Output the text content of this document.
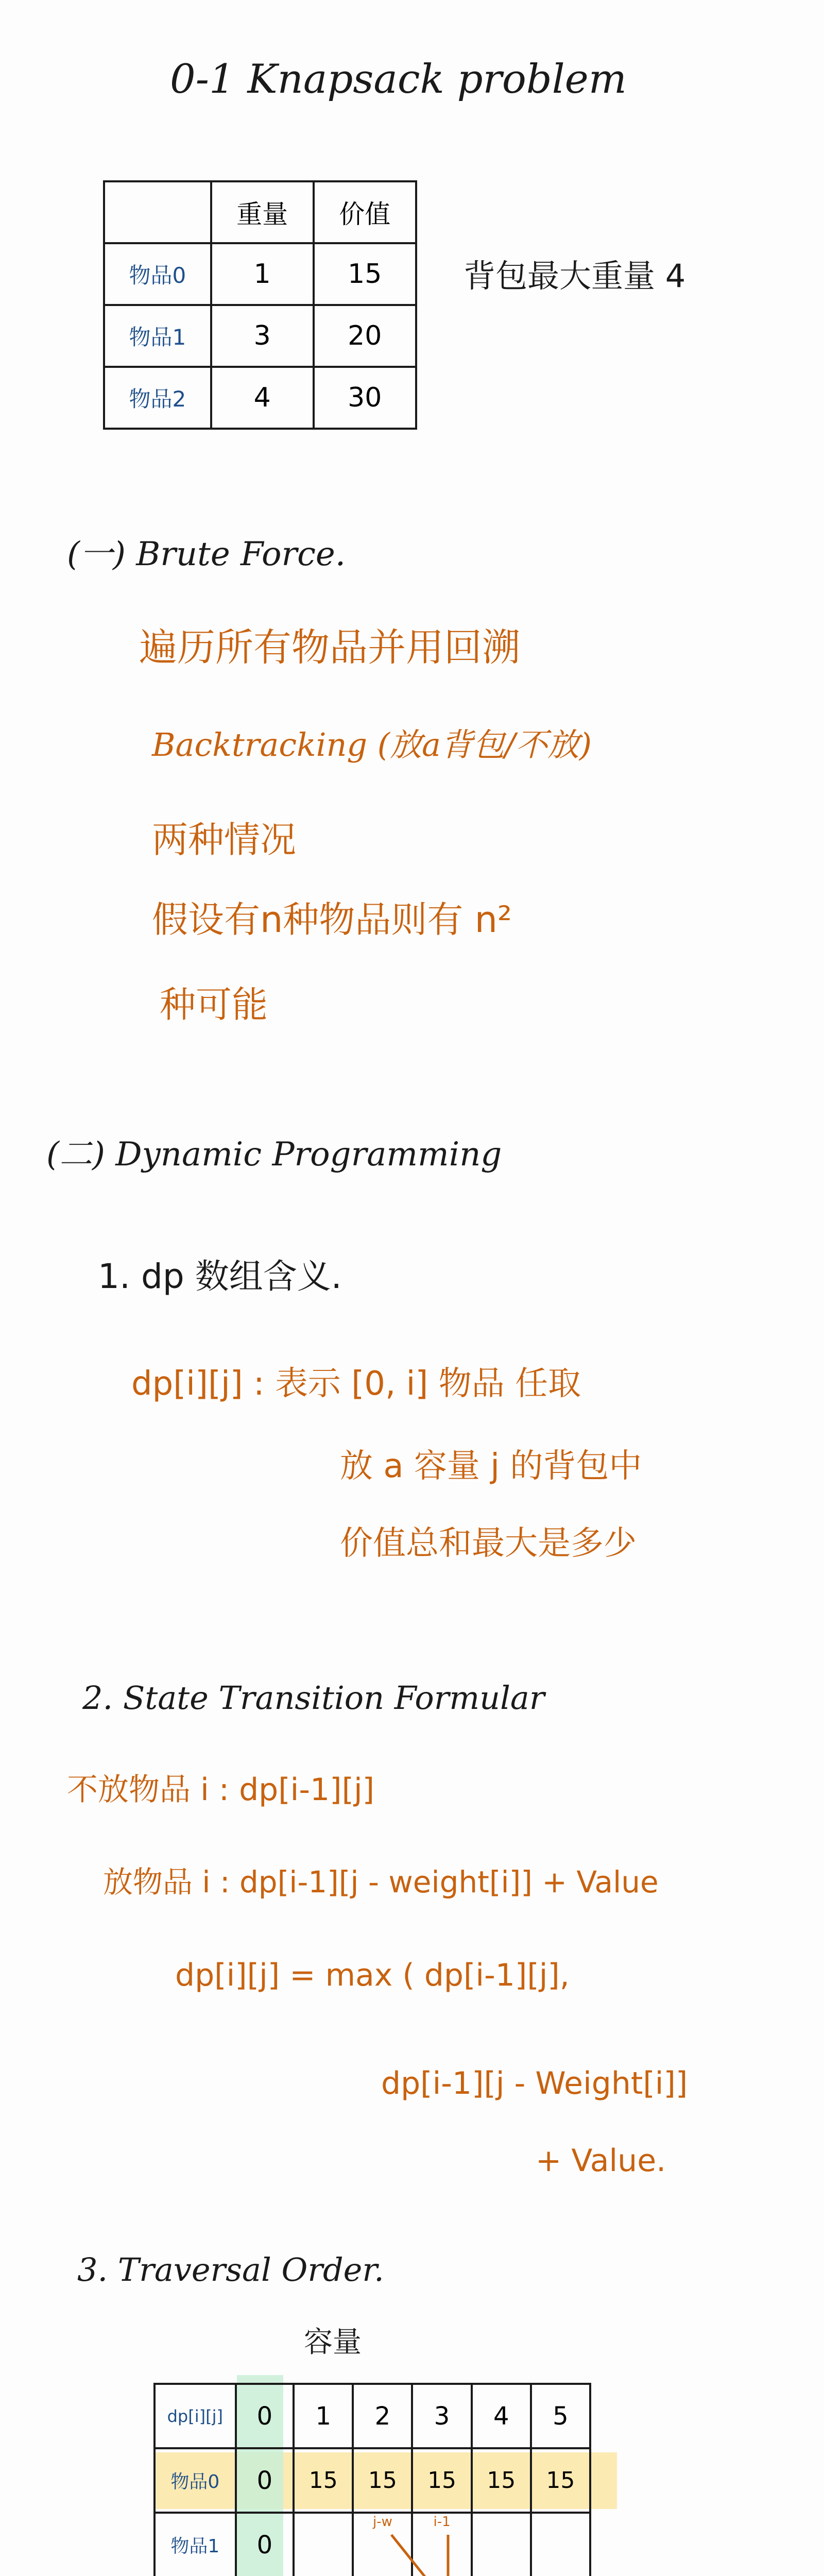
0-1 Knapsack problem
	重量	价值
物品0	1	15
物品1	3	20
物品2	4	30
背包最大重量 4
(一) Brute Force.
遍历所有物品并用回溯
Backtracking (放a背包/不放)
两种情况
假设有n种物品则有 n²
种可能
(二) Dynamic Programming
1. dp 数组含义.
dp[i][j] : 表示 [0, i] 物品 任取
放 a 容量 j 的背包中
价值总和最大是多少
2. State Transition Formular
不放物品 i : dp[i-1][j]
放物品 i : dp[i-1][j - weight[i]] + Value
dp[i][j] = max ( dp[i-1][j],
dp[i-1][j - Weight[i]]
+ Value.
3. Traversal Order.
容量
dp[i][j]	0	1	2	3	4	5
物品0	0	15	15	15	15	15
物品1	0		j-w	i-1		
